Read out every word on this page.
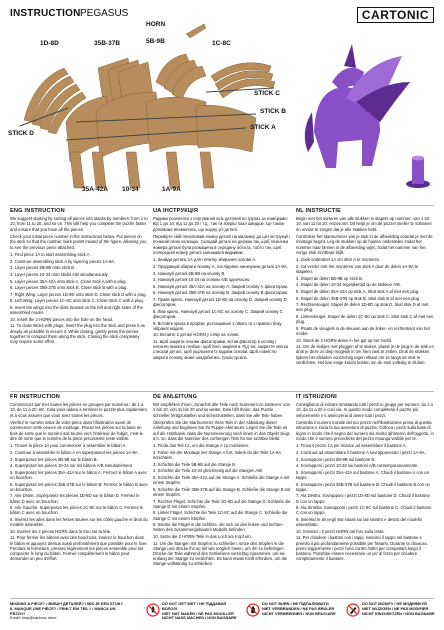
INSTRUCTION PEGASUS	CARTONIC
HORN
1D-8D	35B-37B	5B-9B	1C-8C
STICK D
STICK C
STICK B
STICK A
35A-42A 10-34	1A-9A
ENG INSTRUCTION

We suggest starting by sorting all pieces into stacks by numbers: from 1 to 10, from 11 to 20, and so on. This will help you complete the puzzle faster and ensure that you have all the pieces.

Check your initial piece number in the instructions below. Put pieces on the stick so that the number mark points inward of the figure, allowing you to see the previous piece attached.

1. Find piece 1A to start assembling stick A.
2. Continue assembling stick A by layering pieces 1A-9A.
3. Layer pieces 5B-9B onto stick B.
4. Layer pieces 10-34 onto sticks A/B simultaneously.
5. Layer pieces 35A-42A onto stick A. Close stick A with a plug.
6. Layer pieces 35B-37B onto stick B. Close stick B with a plug.
7. Right Wing. Layer pieces 1D-8D onto stick D. Close stick D with a plug.
8. Left Wing. Layer pieces 1C-8C onto stick C. Close stick C with a plug.
9. Insert the wings into the slots located on the left and right sides of the assembled model.
10. Insert the 2 HORN pieces into the hole on the head.
11. To close sticks with plugs, insert the plug into the stick and press it as deeply as possible to secure it. While closing, gently press the pieces together to compact them along the stick. Closing the stick completely may require some effort.
UA ІНСТРУКЦІЯ

Радимо розпочати з сортування всіх деталей по групах за номерами: від 1 до 10, від 11 до 20 і т.д., так ти зберіш пазл швидше. Це також допоможе впевнитись, що жодну усі деталі.

Перевірте свій початковий номер деталі на малюнку до цієї інструкції і починай свою колекцію. Складай деталі на держак так, щоб позначка номера деталі була розміщена в середину об'єкта, тобто так, щоб попередній номер деталі залишався видимим.

1. Знайди деталь 1А для початку збирання основи А.
2. Продовжуй збирати основу А, послідовно нанизуючи деталі 1А-9А.
3. Нанизуй деталі 5В-9В на основу В.
4. Нанизуй деталі 10-34 на основи А/В одночасно.
5. Нанизуй деталі 35А-42А на основу А. Закрий основу А фіксатором.
6. Нанизуй деталі 35В-37В на основу В. Закрий основу В фіксатором.
7. Праве крило. Нанизуй деталі 1D-8D на основу D. Закрий основу D фіксатором.
8. Ліве крило. Нанизуй деталі 1С-8С на основу С. Закрий основу С фіксатором.
9. Вставте крила в прорізи, розташовані з лівого та з правого боку зібраної моделі.
10. Вставте 2 деталі HORN у отвір на голові.
11. Щоб закрити основи фіксаторами, встав фіксатор в основу і натисни якомога глибше, щоб його закріпити. Під час закриття злегка стискай деталі, щоб ущільнити їх вздовж основи. Щоб повністю закрити основу, може знадобитись трохи зусиль.
NL INSTRUCTIE

Begin met het sorteren van alle stukken in stapels op nummer: van 1 tot 10, van 11 tot 20, enzovoort. Dit helpt je om de puzzel sneller te voltooien en ervoor te zorgen dat je alle stukken hebt.

Controleer het startnummer van je stuk in de afbeelding voordat je met de montage begint. Leg de stukken op de houten onderdelen zodat het nummer naar binnen in de afbeelding wijst, zodat het nummer van het vorige stuk zichtbaar blijft.

1. Zoek onderdeel 1A om stick A te monteren.
2. Ga verder met het monteren van stick A door de delen 1A-9A te stapelen.
3. Stapel de delen 5B-9B op stick B.
4. Stapel de delen 10-34 tegelijkertijd op de stokken A/B.
5. Stapel de delen 35A-42A op stok A. Sluit stok A af met een plug.
6. Stapel de delen 35B-37B op stok B. Sluit stok B af met een plug.
7. Rechtervleugel. Stapel de delen 1D-8D op stok D. Sluit stok D af met een plug.
8. Linkervleugel. Stapel de delen 1C-8C op stok C. Sluit stok C af met een plug.
9. Plaats de vleugels in de sleuven aan de linker- en rechterkant van het model.
10. Steek de 2 HORN-delen in het gat op het hoofd.
11. Om de stokjes met pluggen af te sluiten, plaats je de plug in de stok en druk je deze zo diep mogelijk in om hem vast te zetten. Druk de stukken tijdens het afsluiten voorzichtig tegen elkaar om ze langs de stok te verdichten. Het kan enige kracht kosten om de stok volledig te sluiten.
FR INSTRUCTION

Commencez par trier toutes les pièces en groupes par numéros : de 1 à 10, de 11 à 20, etc. Cela vous aidera à terminer le puzzle plus rapidement et à vous assurer que vous avez toutes les pièces.

Vérifiez le numéro initial de votre pièce dans l'illustration avant de commencer cette oeuvre de montage. Placez les pièces sur la base en bois de sorte que le numéro soit tourné vers l'intérieur de l'objet, c'est-à-dire de sorte que le numéro de la pièce précédente reste visible.

1. Trouvé la pièce 1A pour commencer à assembler le bâton A.
2. Continue à assembler le bâton A en superposant les pièces 1A-9A.
3. Superposez les pièces 5B-9B sur le bâton B.
4. Superposez les pièces 10-34 sur les bâtons A/B simultanément.
5. Superposez les pièces 35A-42A sur le bâton A. Fermez le bâton A avec un bouchon.
6. Superposez les pièces 35B-37B sur le bâton B. Fermez le bâton B avec un bouchon.
7. Aile Droite. Superposez les pièces 1D-8D sur le bâton D. Fermez le bâton D avec un bouchon.
8. Aile Gauche. Superposez les pièces 1C-8C sur le bâton C. Fermez le bâton C avec un bouchon.
9. Insérez les ailes dans les fentes situées sur les côtés gauche et droit du modèle assemblé.
10. Insérez les 2 pièces HORN dans le trou sur la tête.
11. Pour fermer les bâtons avec des bouchons, insérez le bouchon dans le bâton et appuyez dessus aussi profondément que possible pour le fixer. Pendant la fermeture, pressez légèrement les pièces ensemble pour les compacter le long du bâton. Fermer complètement le bâton peut demander un peu d'effort.
DE ANLEITUNG

Wir empfehlen Ihnen, zunächst alle Teile nach Nummern zu sortieren: von 1 bis 10, von 11 bis 20 und so weiter. Dies hilft Ihnen, das Puzzle schneller fertigzustellen und sicherzustellen, dass Sie alle Teile haben.

Überprüfen Sie die Startnummer Ihres Teils in der Abbildung dieser Anleitung und beginnen Sie Ihr Puppe-Abenteuer. Legen Sie die Teile so auf die Holzbasis, dass die Nummerierung nach innen in das Objekt zeigt, d.h. so, dass die Nummer des vorherigen Teils für Sie sichtbar bleibt.

1. Finde das Teil 1A, um die Stange A zu montieren.
2. Fahre mit der Montage der Stange A fort, indem du die Teile 1A-9A schichtest.
3. Schichte die Teile 5B-9B auf die Stange B.
4. Schichte die Teile 10-34 gleichzeitig auf die Stangen A/B.
5. Schichte die Teile 35A-42A auf die Stange A. Schließe die Stange A mit einem Stopfen.
6. Schichte die Teile 35B-37B auf die Stange B. Schließe die Stange B mit einem Stopfen.
7. Rechter Flügel. Schichte die Teile 1D-8D auf die Stange D. Schließe die Stange D mit einem Stopfen.
8. Linker Flügel. Schichte die Teile 1C-8C auf die Stange C. Schließe die Stange C mit einem Stopfen.
9. Stecke die Flügel in die Schlitze, die sich an den linken und rechten Seiten des zusammengebauten Modells befinden.
10. Setze die 2 HORN-Teile in das Loch am Kopf ein.
11. Um die Stangen mit Stopfen zu schließen, setze den Stopfen in die Stange und drücke ihn so tief wie möglich hinein, um ihn zu befestigen. Drücke die Teile während des Schließens vorsichtig zusammen, um sie entlang der Stange zu verdichten. Es kann etwas Kraft erfordern, um die Stange vollständig zu schließen.
IT ISTRUZIONI

Consigliamo di iniziare smistando tutti i pezzi in gruppi per numero: da 1 a 10, da 11 a 20 e così via. In questo modo completerai il puzzle più velocemente e ti assicurerai di avere tutti i pezzi.

Controlla il numero iniziale del tuo pezzo nell'illustrazione prima di questa istruzione e inizia la tua avventura di puzzle. Colloca i pezzi sulla base di legno in modo che il segno del numero sia rivolto all'interno dell'oggetto, in modo che il numero precedente del pezzo rimanga visibile per te.

1. Trova il pezzo 1A per iniziare ad assemblare il bastone A.
2. Continua ad assemblare il bastone A sovrapponendo i pezzi 1A-9A.
3. Sovrapponi i pezzi 5B-9B sul bastone B.
4. Sovrapponi i pezzi 10-34 sui bastoni A/B contemporaneamente.
5. Sovrapponi i pezzi 35A-42A sul bastone A. Chiudi il bastone A con un tappo.
6. Sovrapponi i pezzi 35B-37B sul bastone B. Chiudi il bastone B con un tappo.
7. Ala Destra. Sovrapponi i pezzi 1D-8D sul bastone D. Chiudi il bastone D con un tappo.
8. Ala Sinistra. Sovrapponi i pezzi 1C-8C sul bastone C. Chiudi il bastone C con un tappo.
9. Inserisci le ali negli slot situati sui lati sinistro e destro del modello assemblato.
10. Inserisci i 2 pezzi HORN nel foro sulla testa.
11. Per chiudere i bastoni con i tappi, inserisci il tappo nel bastone e premilo il più profondamente possibile per fissarlo. Durante la chiusura, premi leggermente i pezzi l'uno contro l'altro per compattarli lungo il bastone. Potrebbe essere necessario un po' di forza per chiudere completamente il bastone.
MISSING A PIECE? / ВИБАЧ ДЕТАЛЕЙ? / MIS JE EEN STUK?
IL MANQUE UNE PIÈCE? / FEHLT EIN TEIL? / MANCA UN PEZZO?
Email: help@cartonic.store
DO NOT GET WET / НЕ ПІДДАВАЙ ВОЛОЗІ
NIET NAT MAKEN / NE PAS MOUILLER
NICHT NASS MACHEN / NON BAGNARE
DO NOT BURN / НЕ ПІДПАЛЮВАТИ
NIET VERBRANDEN / NE PAS BRÛLER
NICHT VERBRENNEN / NON BRUCIARE
DO NOT MODIFY / НЕ МОДИФІКУЙ
NIET WIJZIGEN / NE PAS MODIFIER
NICHT EINZUSETZEN / NON BAGNARE
